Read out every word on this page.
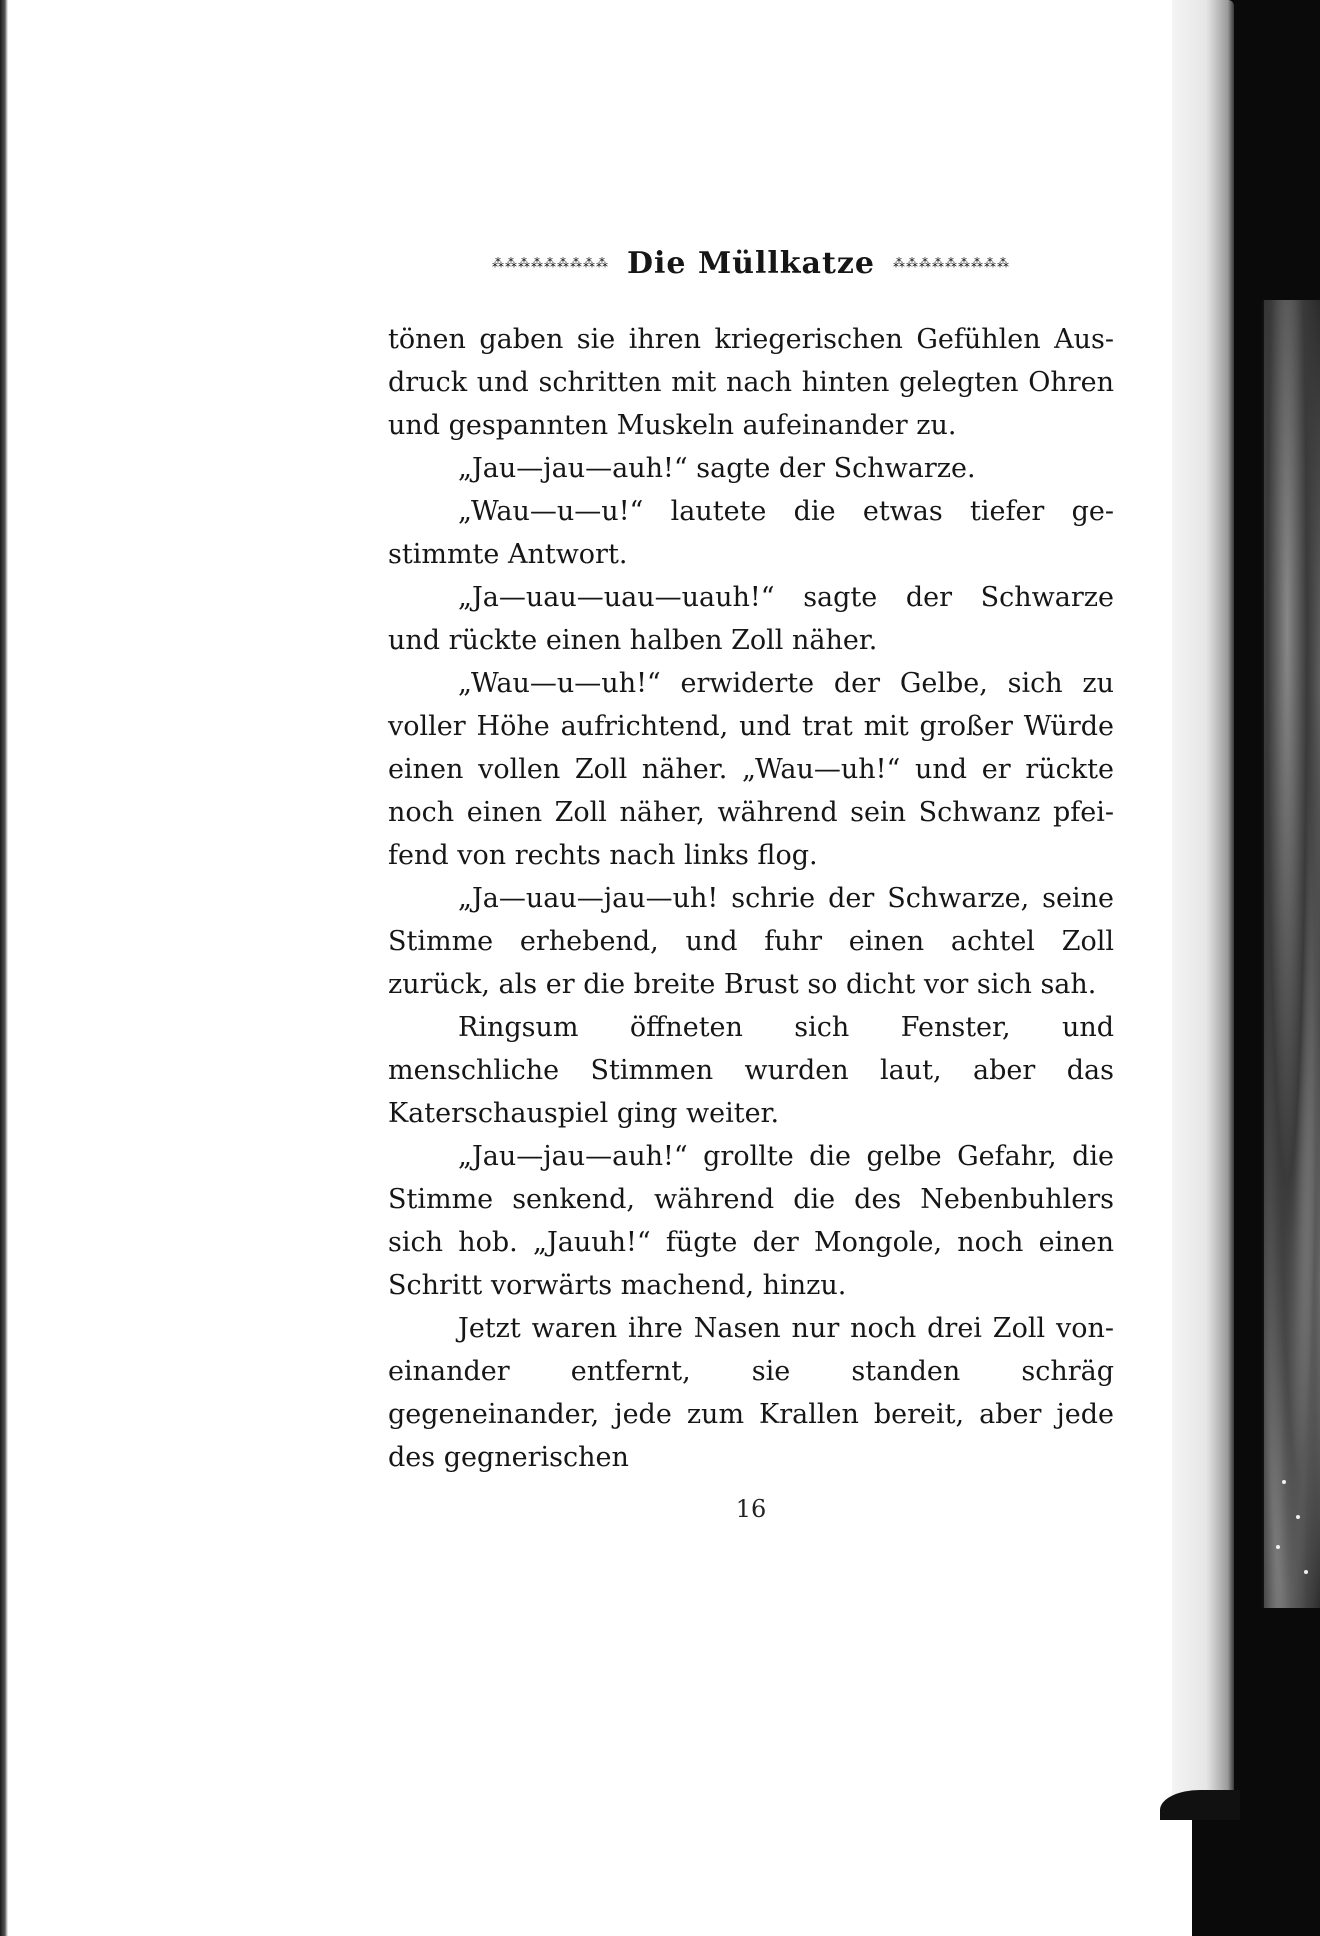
⁂⁂⁂⁂⁂⁂⁂⁂⁂ Die Müllkatze ⁂⁂⁂⁂⁂⁂⁂⁂⁂

tönen gaben sie ihren kriegerischen Gefühlen Aus-druck und schritten mit nach hinten gelegten Ohren und gespannten Muskeln aufeinander zu.

„Jau—jau—auh!“ sagte der Schwarze.

„Wau—u—u!“ lautete die etwas tiefer ge-stimmte Antwort.

„Ja—uau—uau—uauh!“ sagte der Schwarze und rückte einen halben Zoll näher.

„Wau—u—uh!“ erwiderte der Gelbe, sich zu voller Höhe aufrichtend, und trat mit großer Würde einen vollen Zoll näher. „Wau—uh!“ und er rückte noch einen Zoll näher, während sein Schwanz pfei-fend von rechts nach links flog.

„Ja—uau—jau—uh! schrie der Schwarze, seine Stimme erhebend, und fuhr einen achtel Zoll zurück, als er die breite Brust so dicht vor sich sah.

Ringsum öffneten sich Fenster, und menschliche Stimmen wurden laut, aber das Katerschauspiel ging weiter.

„Jau—jau—auh!“ grollte die gelbe Gefahr, die Stimme senkend, während die des Nebenbuhlers sich hob. „Jauuh!“ fügte der Mongole, noch einen Schritt vorwärts machend, hinzu.

Jetzt waren ihre Nasen nur noch drei Zoll von-einander entfernt, sie standen schräg gegeneinander, jede zum Krallen bereit, aber jede des gegnerischen

16
